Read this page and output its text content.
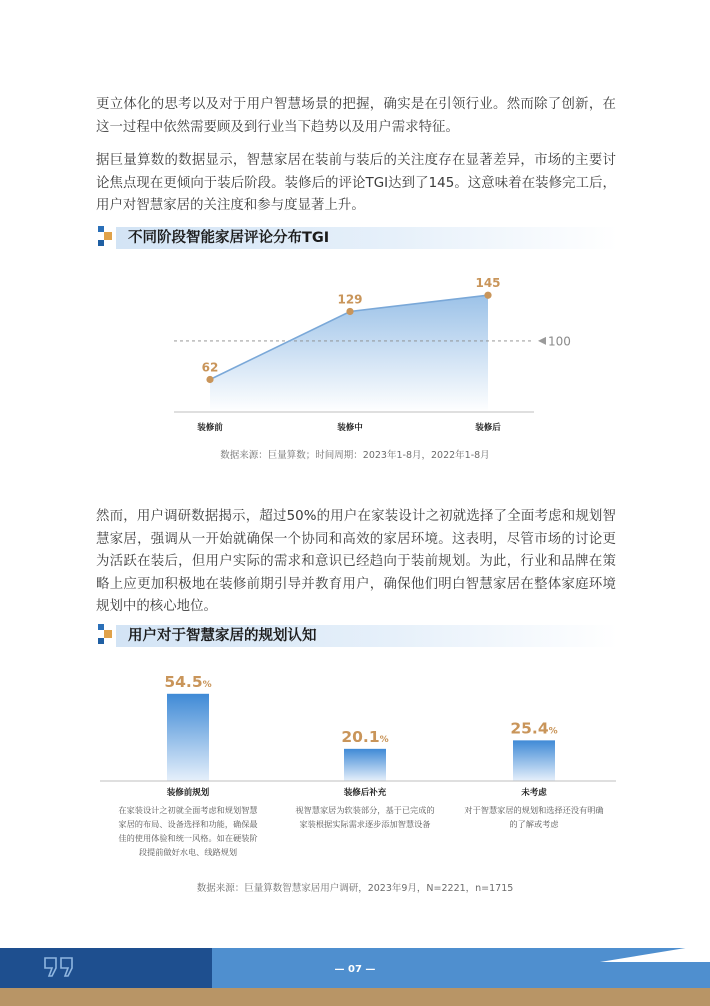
更立体化的思考以及对于用户智慧场景的把握，确实是在引领行业。然而除了创新，在这一过程中依然需要顾及到行业当下趋势以及用户需求特征。

据巨量算数的数据显示，智慧家居在装前与装后的关注度存在显著差异，市场的主要讨论焦点现在更倾向于装后阶段。装修后的评论TGI达到了145。这意味着在装修完工后，用户对智慧家居的关注度和参与度显著上升。

不同阶段智能家居评论分布TGI
100
62
装修前
129
装修中
145
装修后
数据来源：巨量算数；时间周期：2023年1-8月，2022年1-8月

然而，用户调研数据揭示，超过50%的用户在家装设计之初就选择了全面考虑和规划智慧家居，强调从一开始就确保一个协同和高效的家居环境。这表明，尽管市场的讨论更为活跃在装后，但用户实际的需求和意识已经趋向于装前规划。为此，行业和品牌在策略上应更加积极地在装修前期引导并教育用户，确保他们明白智慧家居在整体家庭环境规划中的核心地位。

用户对于智慧家居的规划认知
54.5%
20.1%
25.4%
装修前规划
在家装设计之初就全面考虑和规划智慧
家居的布局、设备选择和功能，确保最
佳的使用体验和统一风格。如在硬装阶
段提前做好水电、线路规划
装修后补充
视智慧家居为软装部分，基于已完成的
家装根据实际需求逐步添加智慧设备
未考虑
对于智慧家居的规划和选择还没有明确
的了解或考虑
数据来源：巨量算数智慧家居用户调研，2023年9月，N=2221，n=1715
— 07 —
